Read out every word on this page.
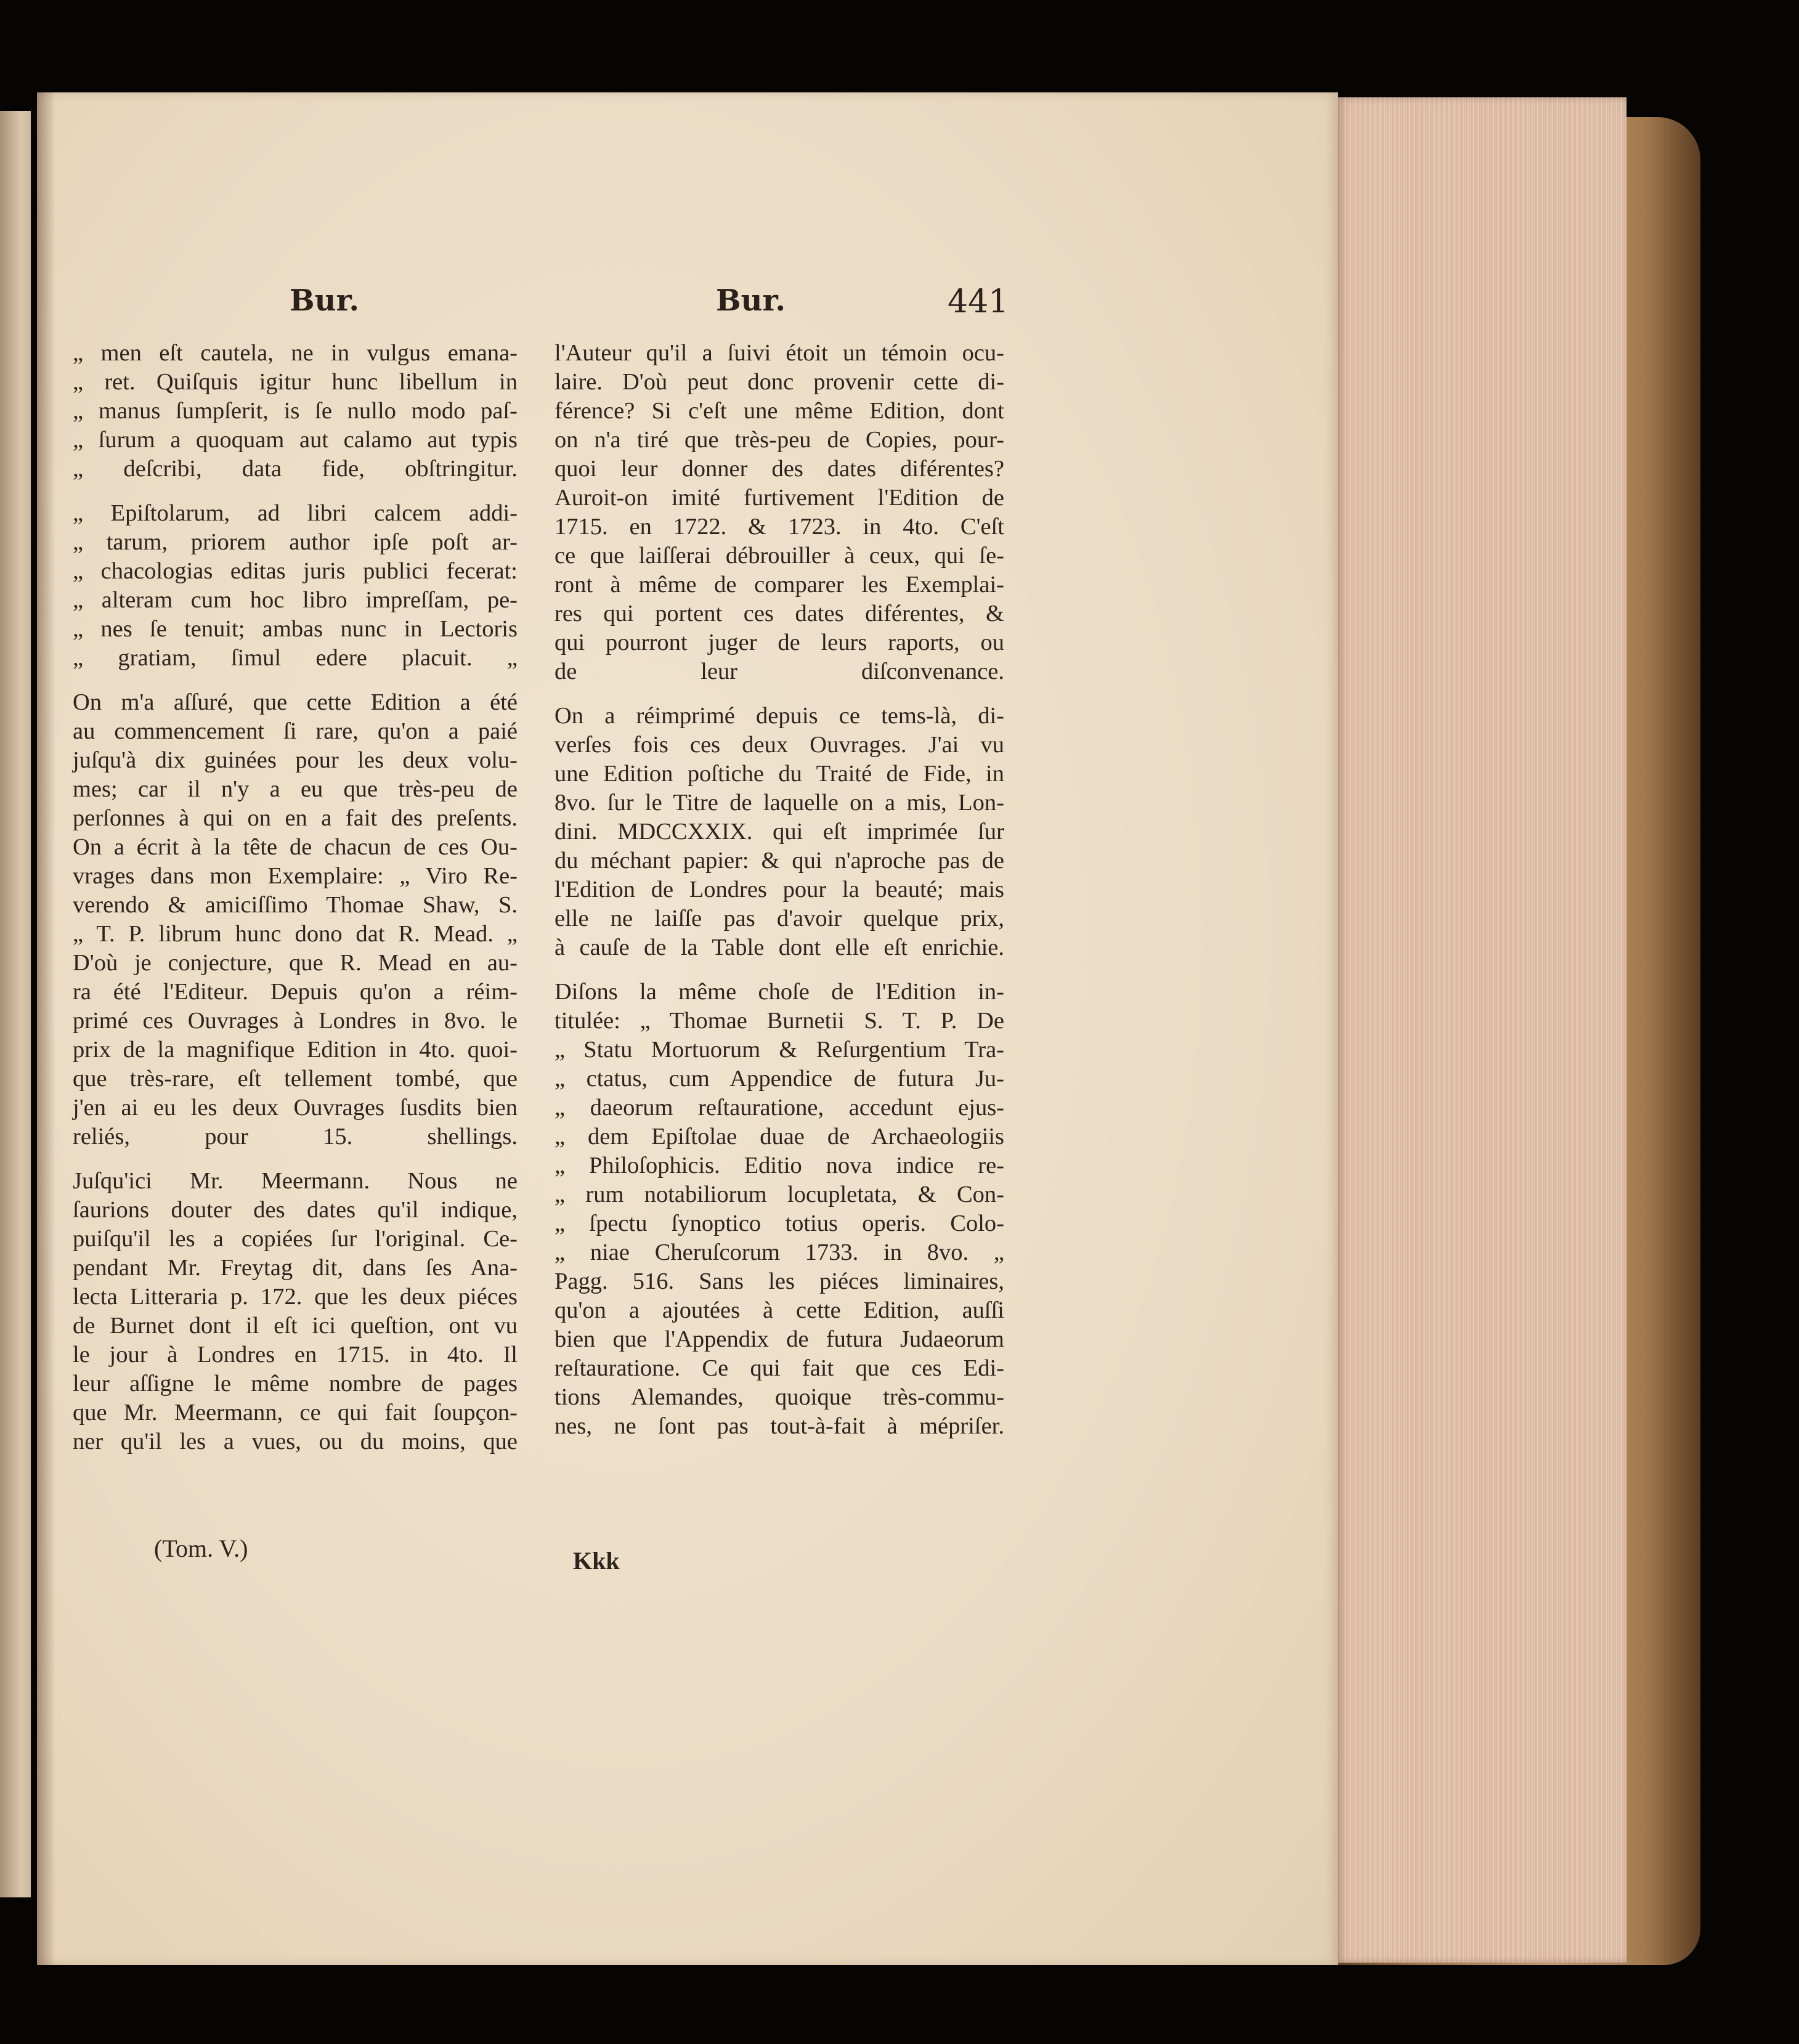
Bur.	Bur.	441

„ men eſt cautela, ne in vulgus emana-
„ ret. Quiſquis igitur hunc libellum in
„ manus ſumpſerit, is ſe nullo modo paſ-
„ ſurum a quoquam aut calamo aut typis
„ deſcribi, data fide, obſtringitur.

„ Epiſtolarum, ad libri calcem addi-
„ tarum, priorem author ipſe poſt ar-
„ chacologias editas juris publici fecerat:
„ alteram cum hoc libro impreſſam, pe-
„ nes ſe tenuit; ambas nunc in Lectoris
„ gratiam, ſimul edere placuit. „

On m'a aſſuré, que cette Edition a été
au commencement ſi rare, qu'on a paié
juſqu'à dix guinées pour les deux volu-
mes; car il n'y a eu que très-peu de
perſonnes à qui on en a fait des preſents.
On a écrit à la tête de chacun de ces Ou-
vrages dans mon Exemplaire: „ Viro Re-
verendo & amiciſſimo Thomae Shaw, S.
„ T. P. librum hunc dono dat R. Mead. „
D'où je conjecture, que R. Mead en au-
ra été l'Editeur. Depuis qu'on a réim-
primé ces Ouvrages à Londres in 8vo. le
prix de la magnifique Edition in 4to. quoi-
que très-rare, eſt tellement tombé, que
j'en ai eu les deux Ouvrages ſusdits bien
reliés, pour 15. shellings.

Juſqu'ici Mr. Meermann. Nous ne
ſaurions douter des dates qu'il indique,
puiſqu'il les a copiées ſur l'original. Ce-
pendant Mr. Freytag dit, dans ſes Ana-
lecta Litteraria p. 172. que les deux piéces
de Burnet dont il eſt ici queſtion, ont vu
le jour à Londres en 1715. in 4to. Il
leur aſſigne le même nombre de pages
que Mr. Meermann, ce qui fait ſoupçon-
ner qu'il les a vues, ou du moins, que

l'Auteur qu'il a ſuivi étoit un témoin ocu-
laire. D'où peut donc provenir cette di-
férence? Si c'eſt une même Edition, dont
on n'a tiré que très-peu de Copies, pour-
quoi leur donner des dates diférentes?
Auroit-on imité furtivement l'Edition de
1715. en 1722. & 1723. in 4to. C'eſt
ce que laiſſerai débrouiller à ceux, qui ſe-
ront à même de comparer les Exemplai-
res qui portent ces dates diférentes, &
qui pourront juger de leurs raports, ou
de leur diſconvenance.

On a réimprimé depuis ce tems-là, di-
verſes fois ces deux Ouvrages. J'ai vu
une Edition poſtiche du Traité de Fide, in
8vo. ſur le Titre de laquelle on a mis, Lon-
dini. MDCCXXIX. qui eſt imprimée ſur
du méchant papier: & qui n'aproche pas de
l'Edition de Londres pour la beauté; mais
elle ne laiſſe pas d'avoir quelque prix,
à cauſe de la Table dont elle eſt enrichie.

Diſons la même choſe de l'Edition in-
titulée: „ Thomae Burnetii S. T. P. De
„ Statu Mortuorum & Reſurgentium Tra-
„ ctatus, cum Appendice de futura Ju-
„ daeorum reſtauratione, accedunt ejus-
„ dem Epiſtolae duae de Archaeologiis
„ Philoſophicis. Editio nova indice re-
„ rum notabiliorum locupletata, & Con-
„ ſpectu ſynoptico totius operis. Colo-
„ niae Cheruſcorum 1733. in 8vo. „
Pagg. 516. Sans les piéces liminaires,
qu'on a ajoutées à cette Edition, auſſi
bien que l'Appendix de futura Judaeorum
reſtauratione. Ce qui fait que ces Edi-
tions Alemandes, quoique très-commu-
nes, ne ſont pas tout-à-fait à mépriſer.

(Tom. V.)	Kkk
